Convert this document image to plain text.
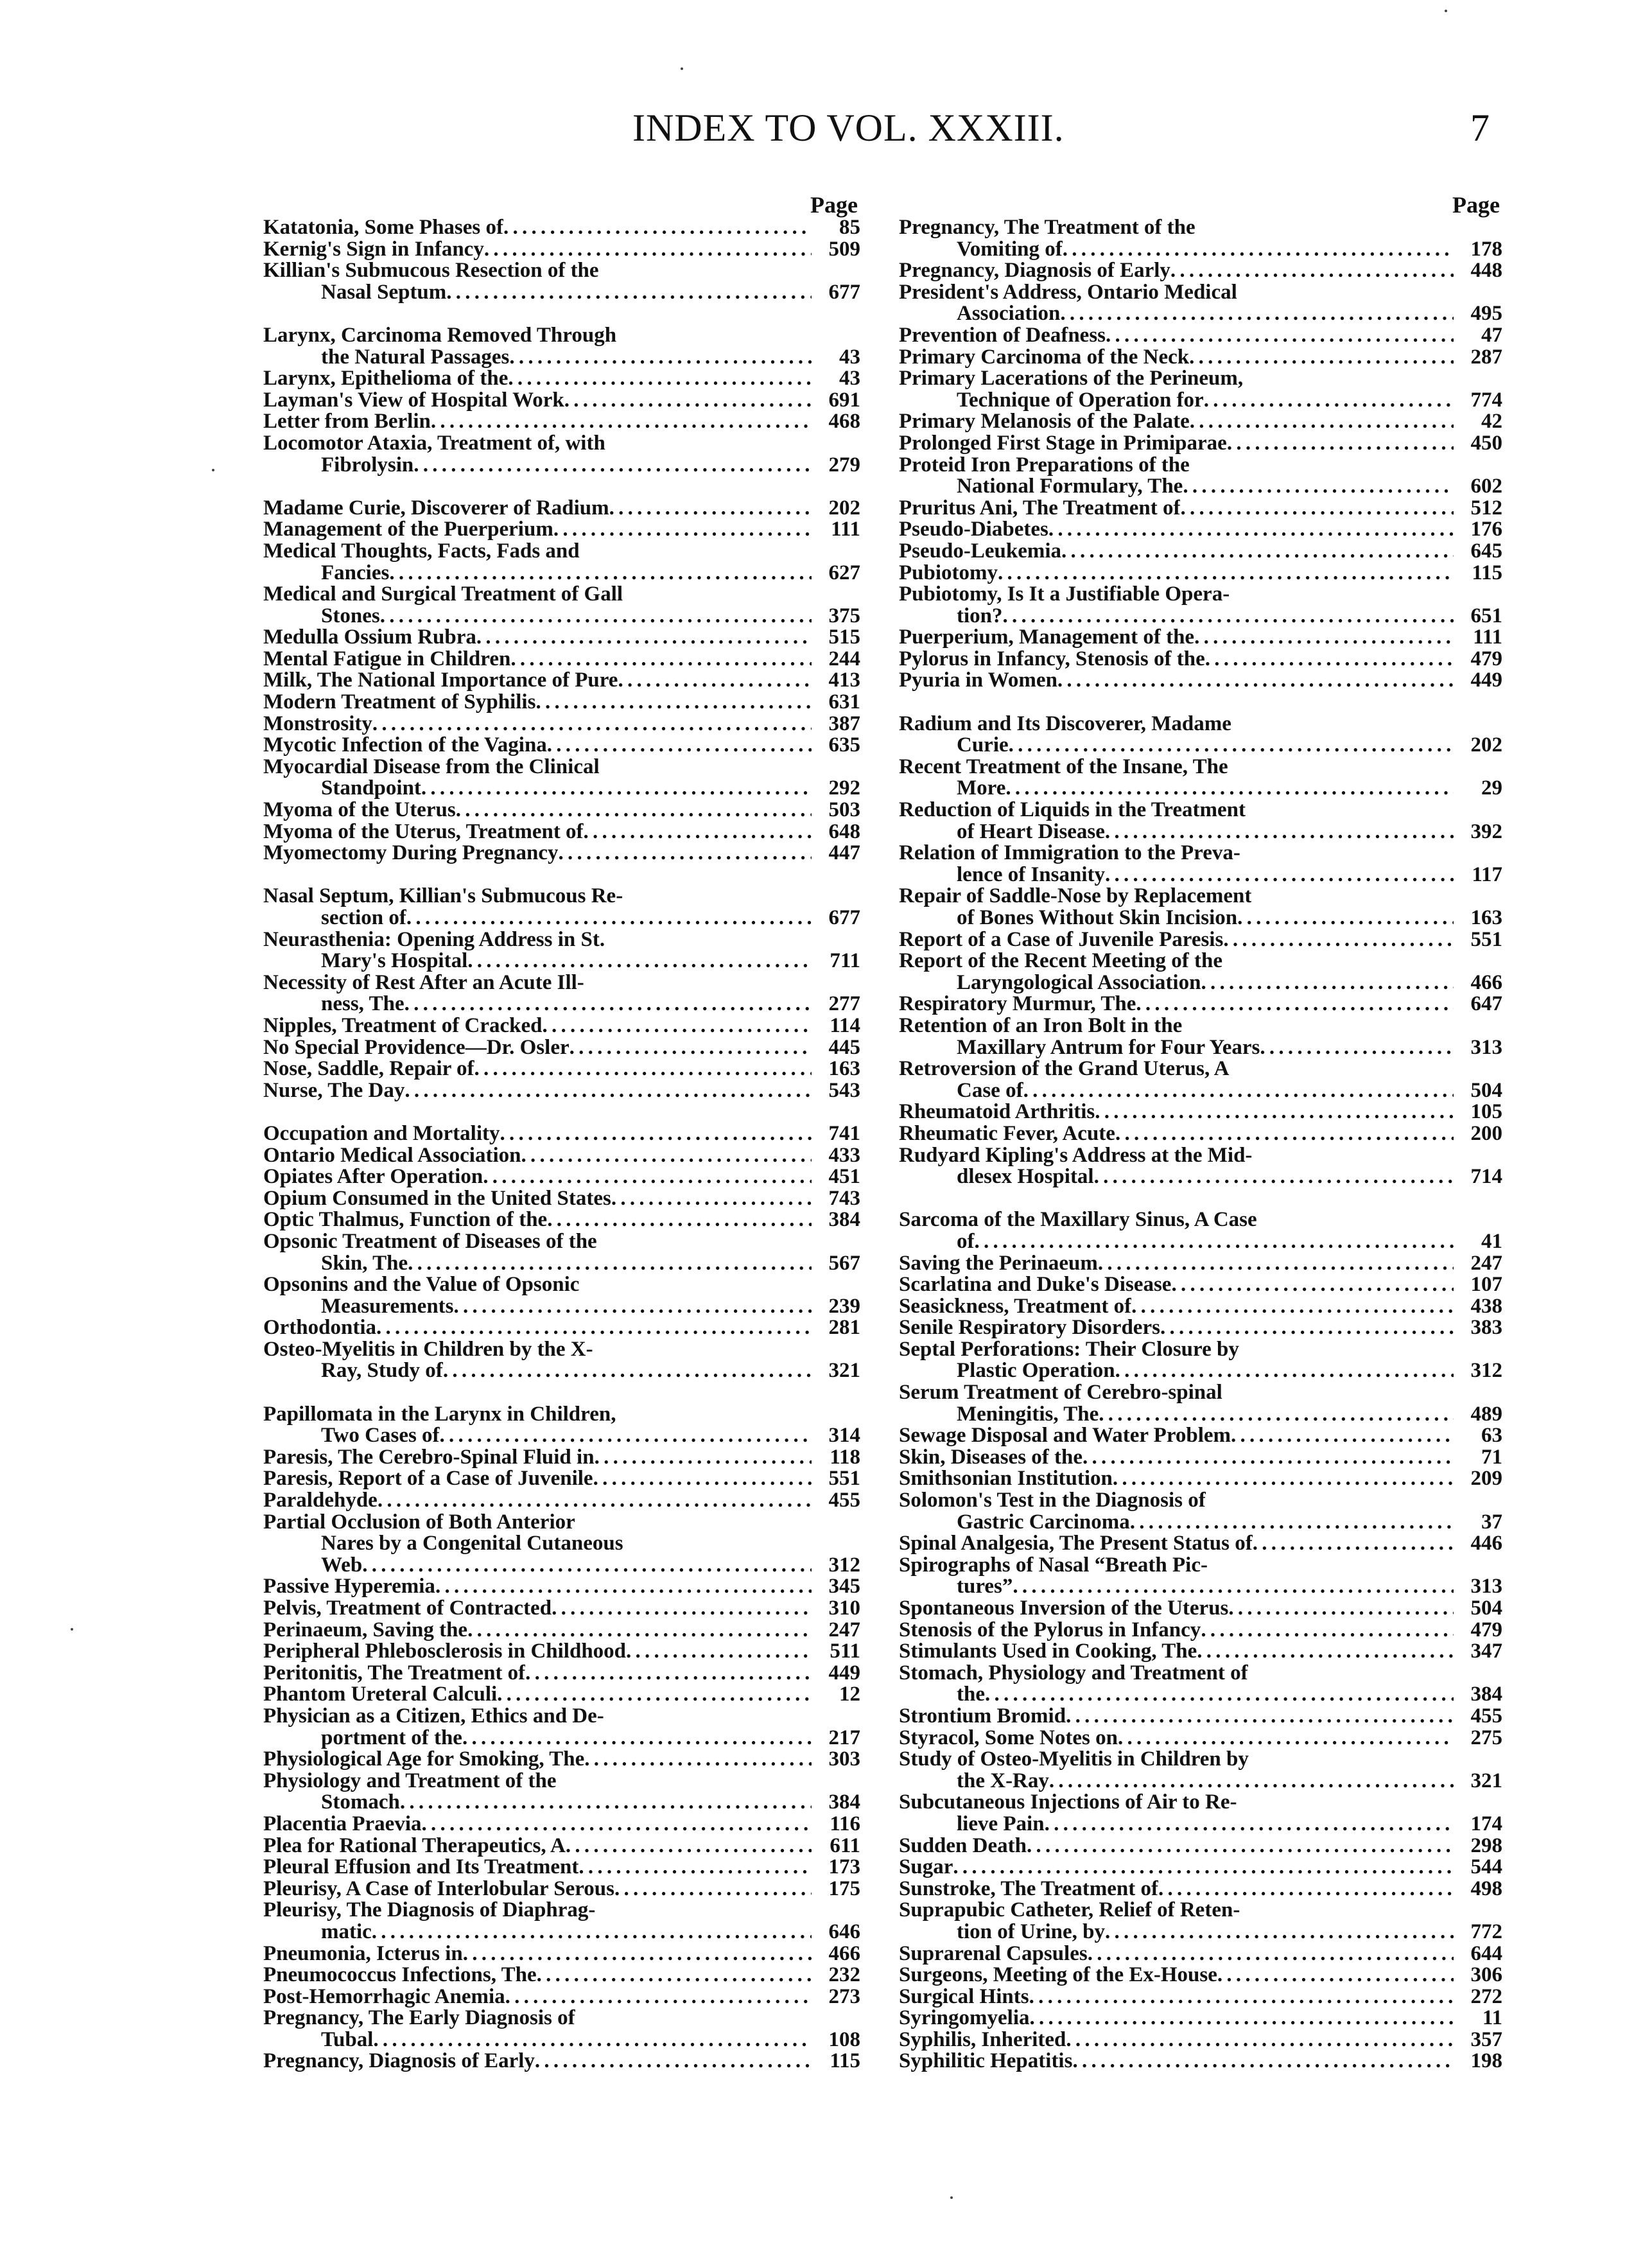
INDEX TO VOL. XXXIII.	7
Page
Katatonia, Some Phases of . . .	85
Kernig's Sign in Infancy . . .	509
Killian's Submucous Resection of the
Nasal Septum . . .	677
Larynx, Carcinoma Removed Through
the Natural Passages . . .	43
Larynx, Epithelioma of the . . .	43
Layman's View of Hospital Work . . .	691
Letter from Berlin . . .	468
Locomotor Ataxia, Treatment of, with
Fibrolysin . . .	279
Madame Curie, Discoverer of Radium . . .	202
Management of the Puerperium . . .	111
Medical Thoughts, Facts, Fads and
Fancies . . .	627
Medical and Surgical Treatment of Gall
Stones . . .	375
Medulla Ossium Rubra . . .	515
Mental Fatigue in Children . . .	244
Milk, The National Importance of Pure . . .	413
Modern Treatment of Syphilis . . .	631
Monstrosity . . .	387
Mycotic Infection of the Vagina . . .	635
Myocardial Disease from the Clinical
Standpoint . . .	292
Myoma of the Uterus . . .	503
Myoma of the Uterus, Treatment of . . .	648
Myomectomy During Pregnancy . . .	447
Nasal Septum, Killian's Submucous Re-
section of . . .	677
Neurasthenia: Opening Address in St.
Mary's Hospital . . .	711
Necessity of Rest After an Acute Ill-
ness, The . . .	277
Nipples, Treatment of Cracked . . .	114
No Special Providence—Dr. Osler . . .	445
Nose, Saddle, Repair of . . .	163
Nurse, The Day . . .	543
Occupation and Mortality . . .	741
Ontario Medical Association . . .	433
Opiates After Operation . . .	451
Opium Consumed in the United States . . .	743
Optic Thalmus, Function of the . . .	384
Opsonic Treatment of Diseases of the
Skin, The . . .	567
Opsonins and the Value of Opsonic
Measurements . . .	239
Orthodontia . . .	281
Osteo-Myelitis in Children by the X-
Ray, Study of . . .	321
Papillomata in the Larynx in Children,
Two Cases of . . .	314
Paresis, The Cerebro-Spinal Fluid in . . .	118
Paresis, Report of a Case of Juvenile . . .	551
Paraldehyde . . .	455
Partial Occlusion of Both Anterior
Nares by a Congenital Cutaneous
Web . . .	312
Passive Hyperemia . . .	345
Pelvis, Treatment of Contracted . . .	310
Perinaeum, Saving the . . .	247
Peripheral Phlebosclerosis in Childhood . . .	511
Peritonitis, The Treatment of . . .	449
Phantom Ureteral Calculi . . .	12
Physician as a Citizen, Ethics and De-
portment of the . . .	217
Physiological Age for Smoking, The . . .	303
Physiology and Treatment of the
Stomach . . .	384
Placentia Praevia . . .	116
Plea for Rational Therapeutics, A . . .	611
Pleural Effusion and Its Treatment . . .	173
Pleurisy, A Case of Interlobular Serous . . .	175
Pleurisy, The Diagnosis of Diaphrag-
matic . . .	646
Pneumonia, Icterus in . . .	466
Pneumococcus Infections, The . . .	232
Post-Hemorrhagic Anemia . . .	273
Pregnancy, The Early Diagnosis of
Tubal . . .	108
Pregnancy, Diagnosis of Early . . .	115
Page
Pregnancy, The Treatment of the
Vomiting of . . .	178
Pregnancy, Diagnosis of Early . . .	448
President's Address, Ontario Medical
Association . . .	495
Prevention of Deafness . . .	47
Primary Carcinoma of the Neck . . .	287
Primary Lacerations of the Perineum,
Technique of Operation for . . .	774
Primary Melanosis of the Palate . . .	42
Prolonged First Stage in Primiparae . . .	450
Proteid Iron Preparations of the
National Formulary, The . . .	602
Pruritus Ani, The Treatment of . . .	512
Pseudo-Diabetes . . .	176
Pseudo-Leukemia . . .	645
Pubiotomy . . .	115
Pubiotomy, Is It a Justifiable Opera-
tion? . . .	651
Puerperium, Management of the . . .	111
Pylorus in Infancy, Stenosis of the . . .	479
Pyuria in Women . . .	449
Radium and Its Discoverer, Madame
Curie . . .	202
Recent Treatment of the Insane, The
More . . .	29
Reduction of Liquids in the Treatment
of Heart Disease . . .	392
Relation of Immigration to the Preva-
lence of Insanity . . .	117
Repair of Saddle-Nose by Replacement
of Bones Without Skin Incision . . .	163
Report of a Case of Juvenile Paresis . . .	551
Report of the Recent Meeting of the
Laryngological Association . . .	466
Respiratory Murmur, The . . .	647
Retention of an Iron Bolt in the
Maxillary Antrum for Four Years . . .	313
Retroversion of the Grand Uterus, A
Case of . . .	504
Rheumatoid Arthritis . . .	105
Rheumatic Fever, Acute . . .	200
Rudyard Kipling's Address at the Mid-
dlesex Hospital . . .	714
Sarcoma of the Maxillary Sinus, A Case
of . . .	41
Saving the Perinaeum . . .	247
Scarlatina and Duke's Disease . . .	107
Seasickness, Treatment of . . .	438
Senile Respiratory Disorders . . .	383
Septal Perforations: Their Closure by
Plastic Operation . . .	312
Serum Treatment of Cerebro-spinal
Meningitis, The . . .	489
Sewage Disposal and Water Problem . . .	63
Skin, Diseases of the . . .	71
Smithsonian Institution . . .	209
Solomon's Test in the Diagnosis of
Gastric Carcinoma . . .	37
Spinal Analgesia, The Present Status of . . .	446
Spirographs of Nasal “Breath Pic-
tures” . . .	313
Spontaneous Inversion of the Uterus . . .	504
Stenosis of the Pylorus in Infancy . . .	479
Stimulants Used in Cooking, The . . .	347
Stomach, Physiology and Treatment of
the . . .	384
Strontium Bromid . . .	455
Styracol, Some Notes on . . .	275
Study of Osteo-Myelitis in Children by
the X-Ray . . .	321
Subcutaneous Injections of Air to Re-
lieve Pain . . .	174
Sudden Death . . .	298
Sugar . . .	544
Sunstroke, The Treatment of . . .	498
Suprapubic Catheter, Relief of Reten-
tion of Urine, by . . .	772
Suprarenal Capsules . . .	644
Surgeons, Meeting of the Ex-House . . .	306
Surgical Hints . . .	272
Syringomyelia . . .	11
Syphilis, Inherited . . .	357
Syphilitic Hepatitis . . .	198
